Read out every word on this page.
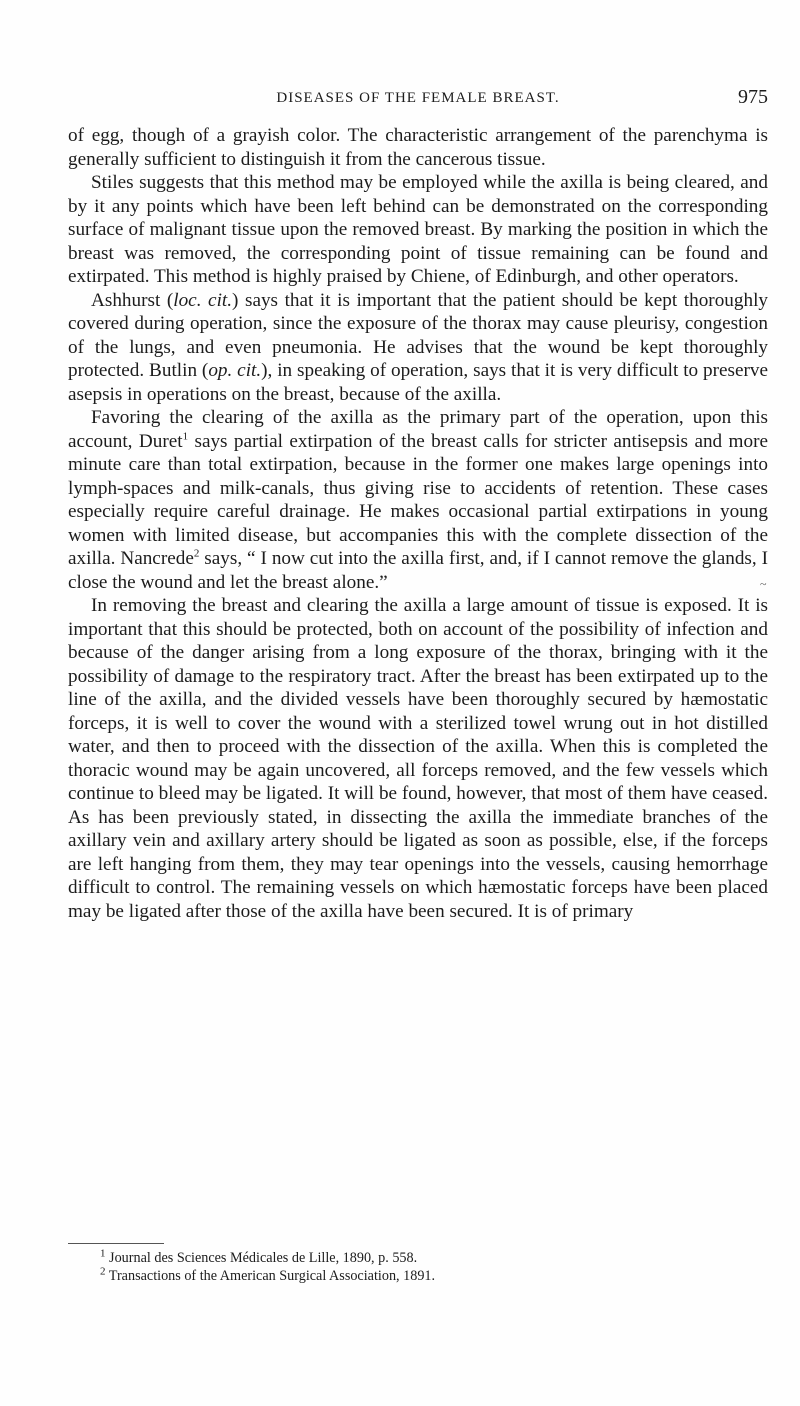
DISEASES OF THE FEMALE BREAST.	975

of egg, though of a grayish color. The characteristic arrangement of the parenchyma is generally sufficient to distinguish it from the cancerous tissue.

Stiles suggests that this method may be employed while the axilla is being cleared, and by it any points which have been left behind can be demonstrated on the corresponding surface of malignant tissue upon the removed breast. By marking the position in which the breast was removed, the corresponding point of tissue remaining can be found and extirpated. This method is highly praised by Chiene, of Edinburgh, and other operators.

Ashhurst (loc. cit.) says that it is important that the patient should be kept thoroughly covered during operation, since the exposure of the thorax may cause pleurisy, congestion of the lungs, and even pneumonia. He advises that the wound be kept thoroughly protected. Butlin (op. cit.), in speaking of operation, says that it is very difficult to preserve asepsis in operations on the breast, because of the axilla.

Favoring the clearing of the axilla as the primary part of the operation, upon this account, Duret$^1$ says partial extirpation of the breast calls for stricter antisepsis and more minute care than total extirpation, because in the former one makes large openings into lymph-spaces and milk-canals, thus giving rise to accidents of retention. These cases especially require careful drainage. He makes occasional partial extirpations in young women with limited disease, but accompanies this with the complete dissection of the axilla. Nancrede$^2$ says, “ I now cut into the axilla first, and, if I cannot remove the glands, I close the wound and let the breast alone.”

In removing the breast and clearing the axilla a large amount of tissue is exposed. It is important that this should be protected, both on account of the possibility of infection and because of the danger arising from a long exposure of the thorax, bringing with it the possibility of damage to the respiratory tract. After the breast has been extirpated up to the line of the axilla, and the divided vessels have been thoroughly secured by hæmostatic forceps, it is well to cover the wound with a sterilized towel wrung out in hot distilled water, and then to proceed with the dissection of the axilla. When this is completed the thoracic wound may be again uncovered, all forceps removed, and the few vessels which continue to bleed may be ligated. It will be found, however, that most of them have ceased. As has been previously stated, in dissecting the axilla the immediate branches of the axillary vein and axillary artery should be ligated as soon as possible, else, if the forceps are left hanging from them, they may tear openings into the vessels, causing hemorrhage difficult to control. The remaining vessels on which hæmostatic forceps have been placed may be ligated after those of the axilla have been secured. It is of primary

~

$^1$ Journal des Sciences Médicales de Lille, 1890, p. 558.

$^2$ Transactions of the American Surgical Association, 1891.
